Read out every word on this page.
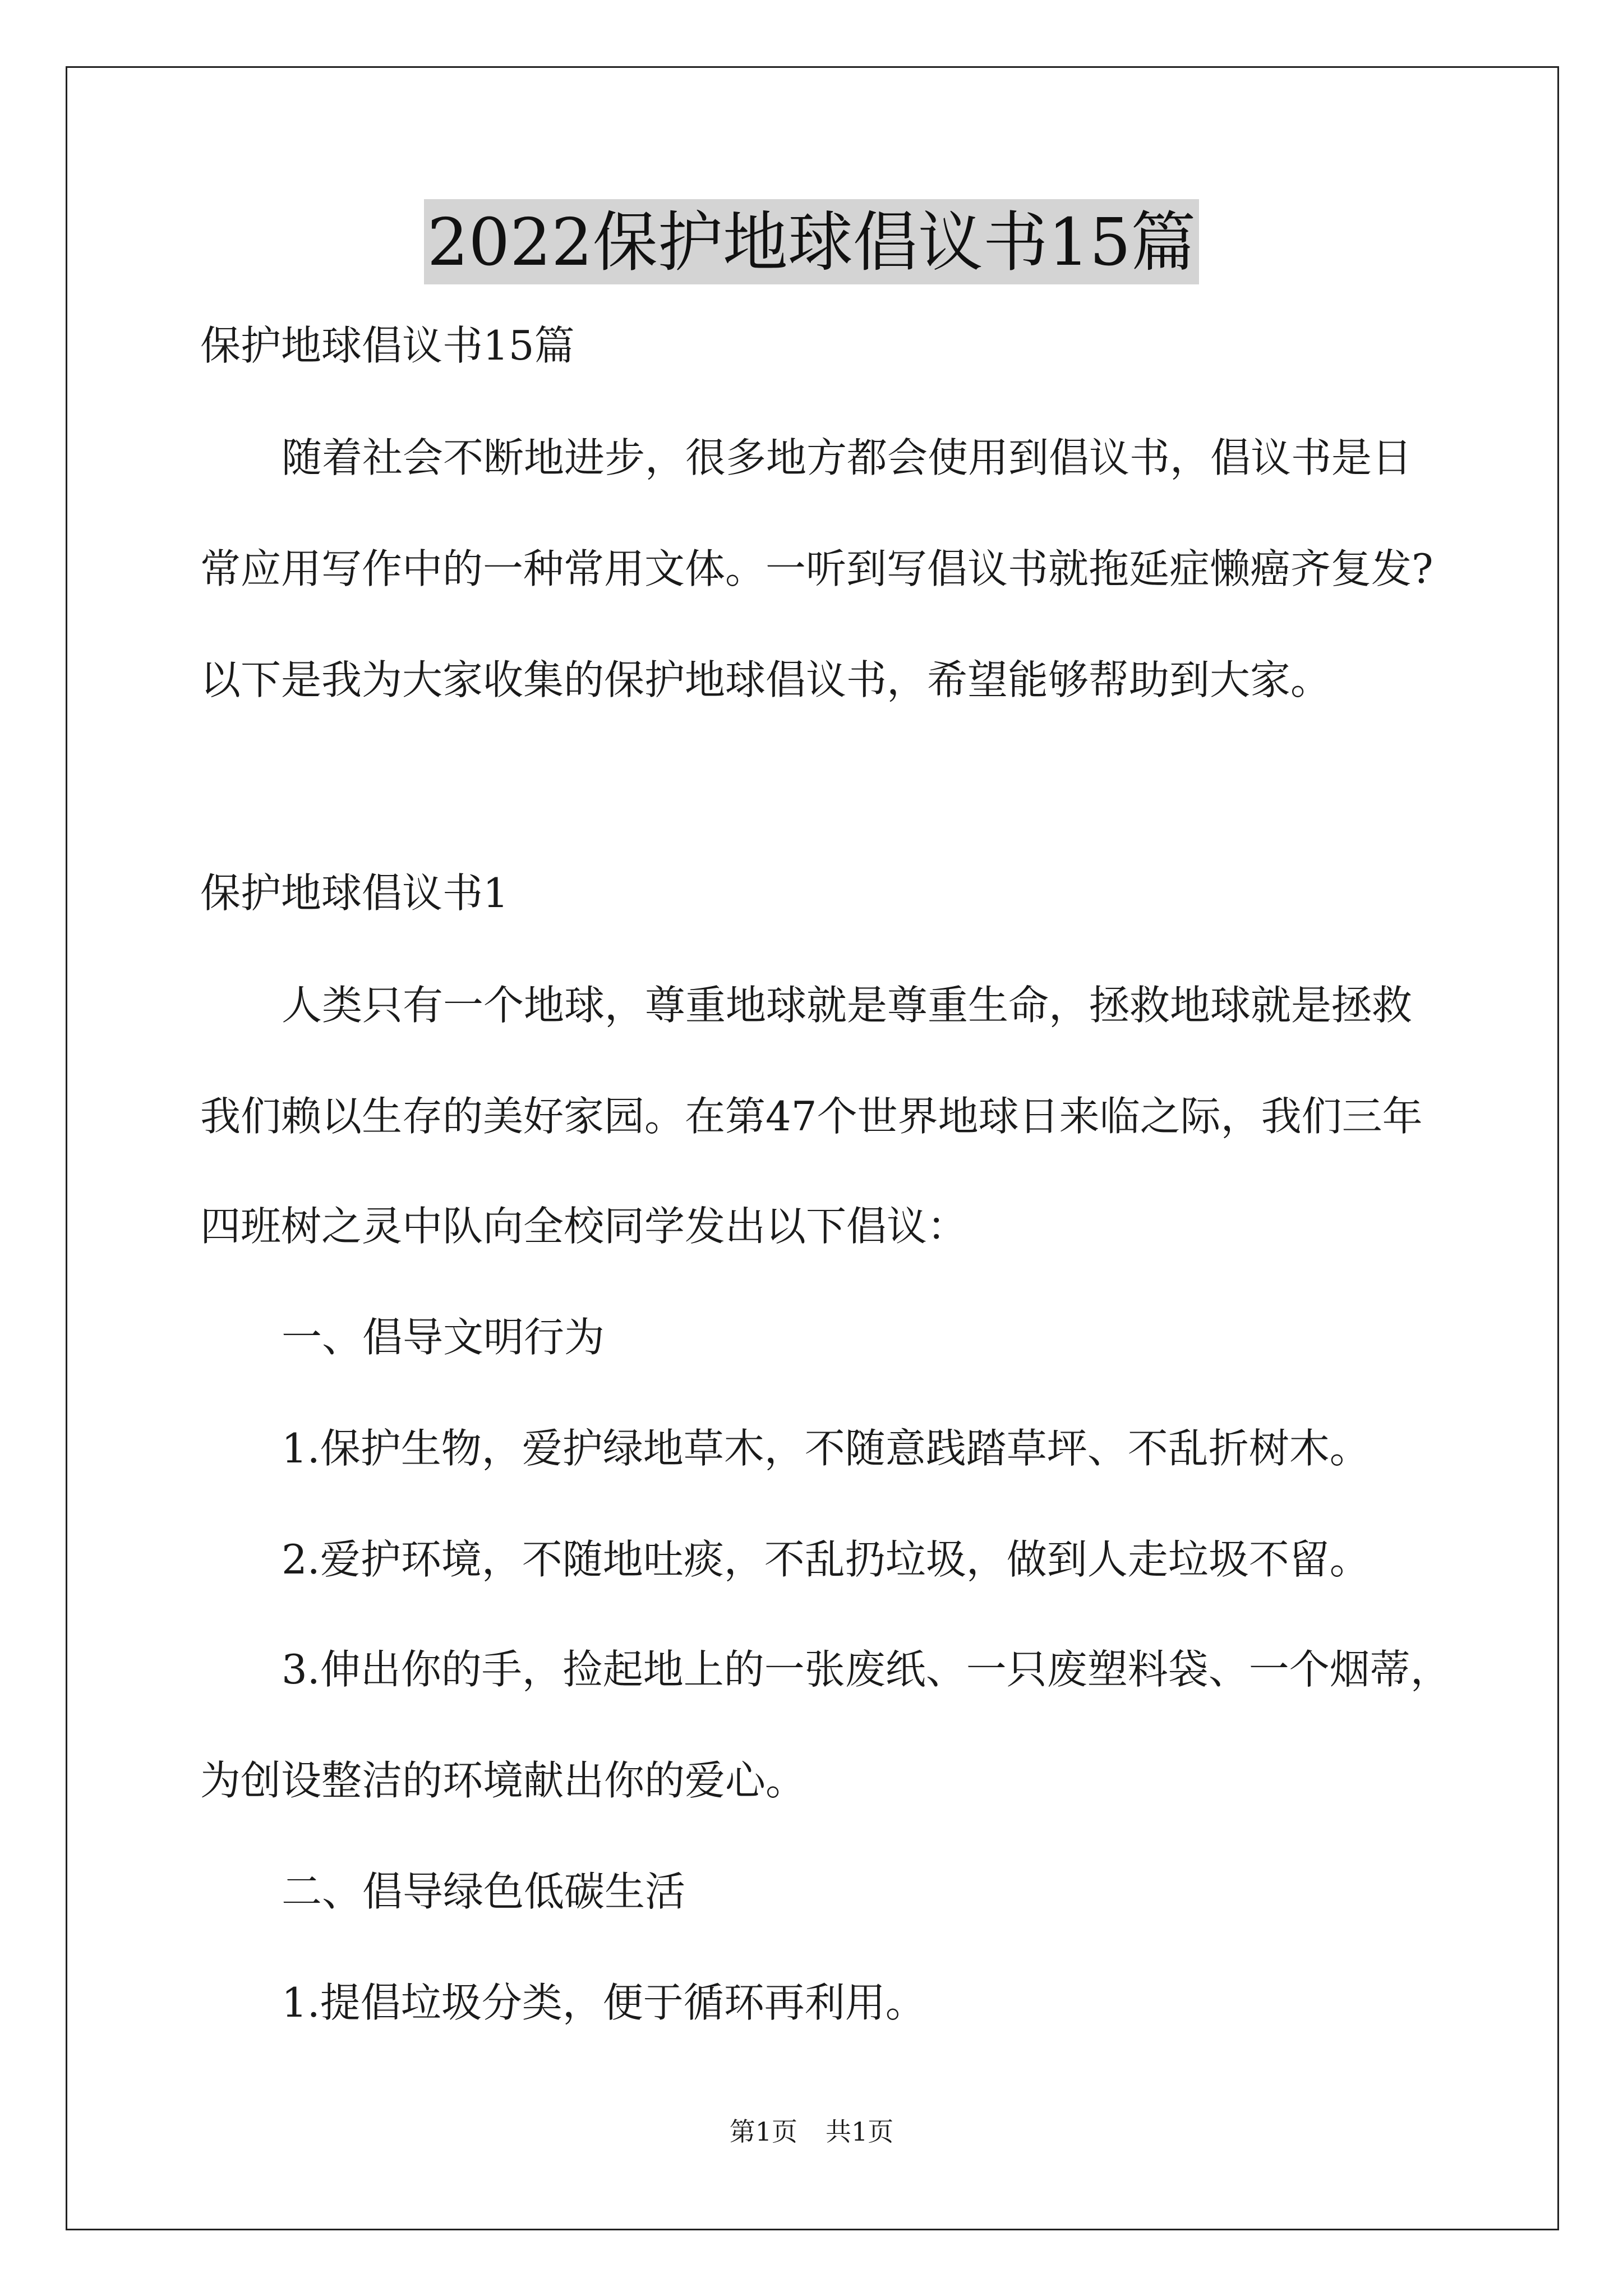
2022保护地球倡议书15篇
保护地球倡议书15篇
随着社会不断地进步，很多地方都会使用到倡议书，倡议书是日
常应用写作中的一种常用文体。一听到写倡议书就拖延症懒癌齐复发?
以下是我为大家收集的保护地球倡议书，希望能够帮助到大家。
保护地球倡议书1
人类只有一个地球，尊重地球就是尊重生命，拯救地球就是拯救
我们赖以生存的美好家园。在第47个世界地球日来临之际，我们三年
四班树之灵中队向全校同学发出以下倡议：
一、倡导文明行为
1.保护生物，爱护绿地草木，不随意践踏草坪、不乱折树木。
2.爱护环境，不随地吐痰，不乱扔垃圾，做到人走垃圾不留。
3.伸出你的手，捡起地上的一张废纸、一只废塑料袋、一个烟蒂，
为创设整洁的环境献出你的爱心。
二、倡导绿色低碳生活
1.提倡垃圾分类，便于循环再利用。
第1页 共1页
